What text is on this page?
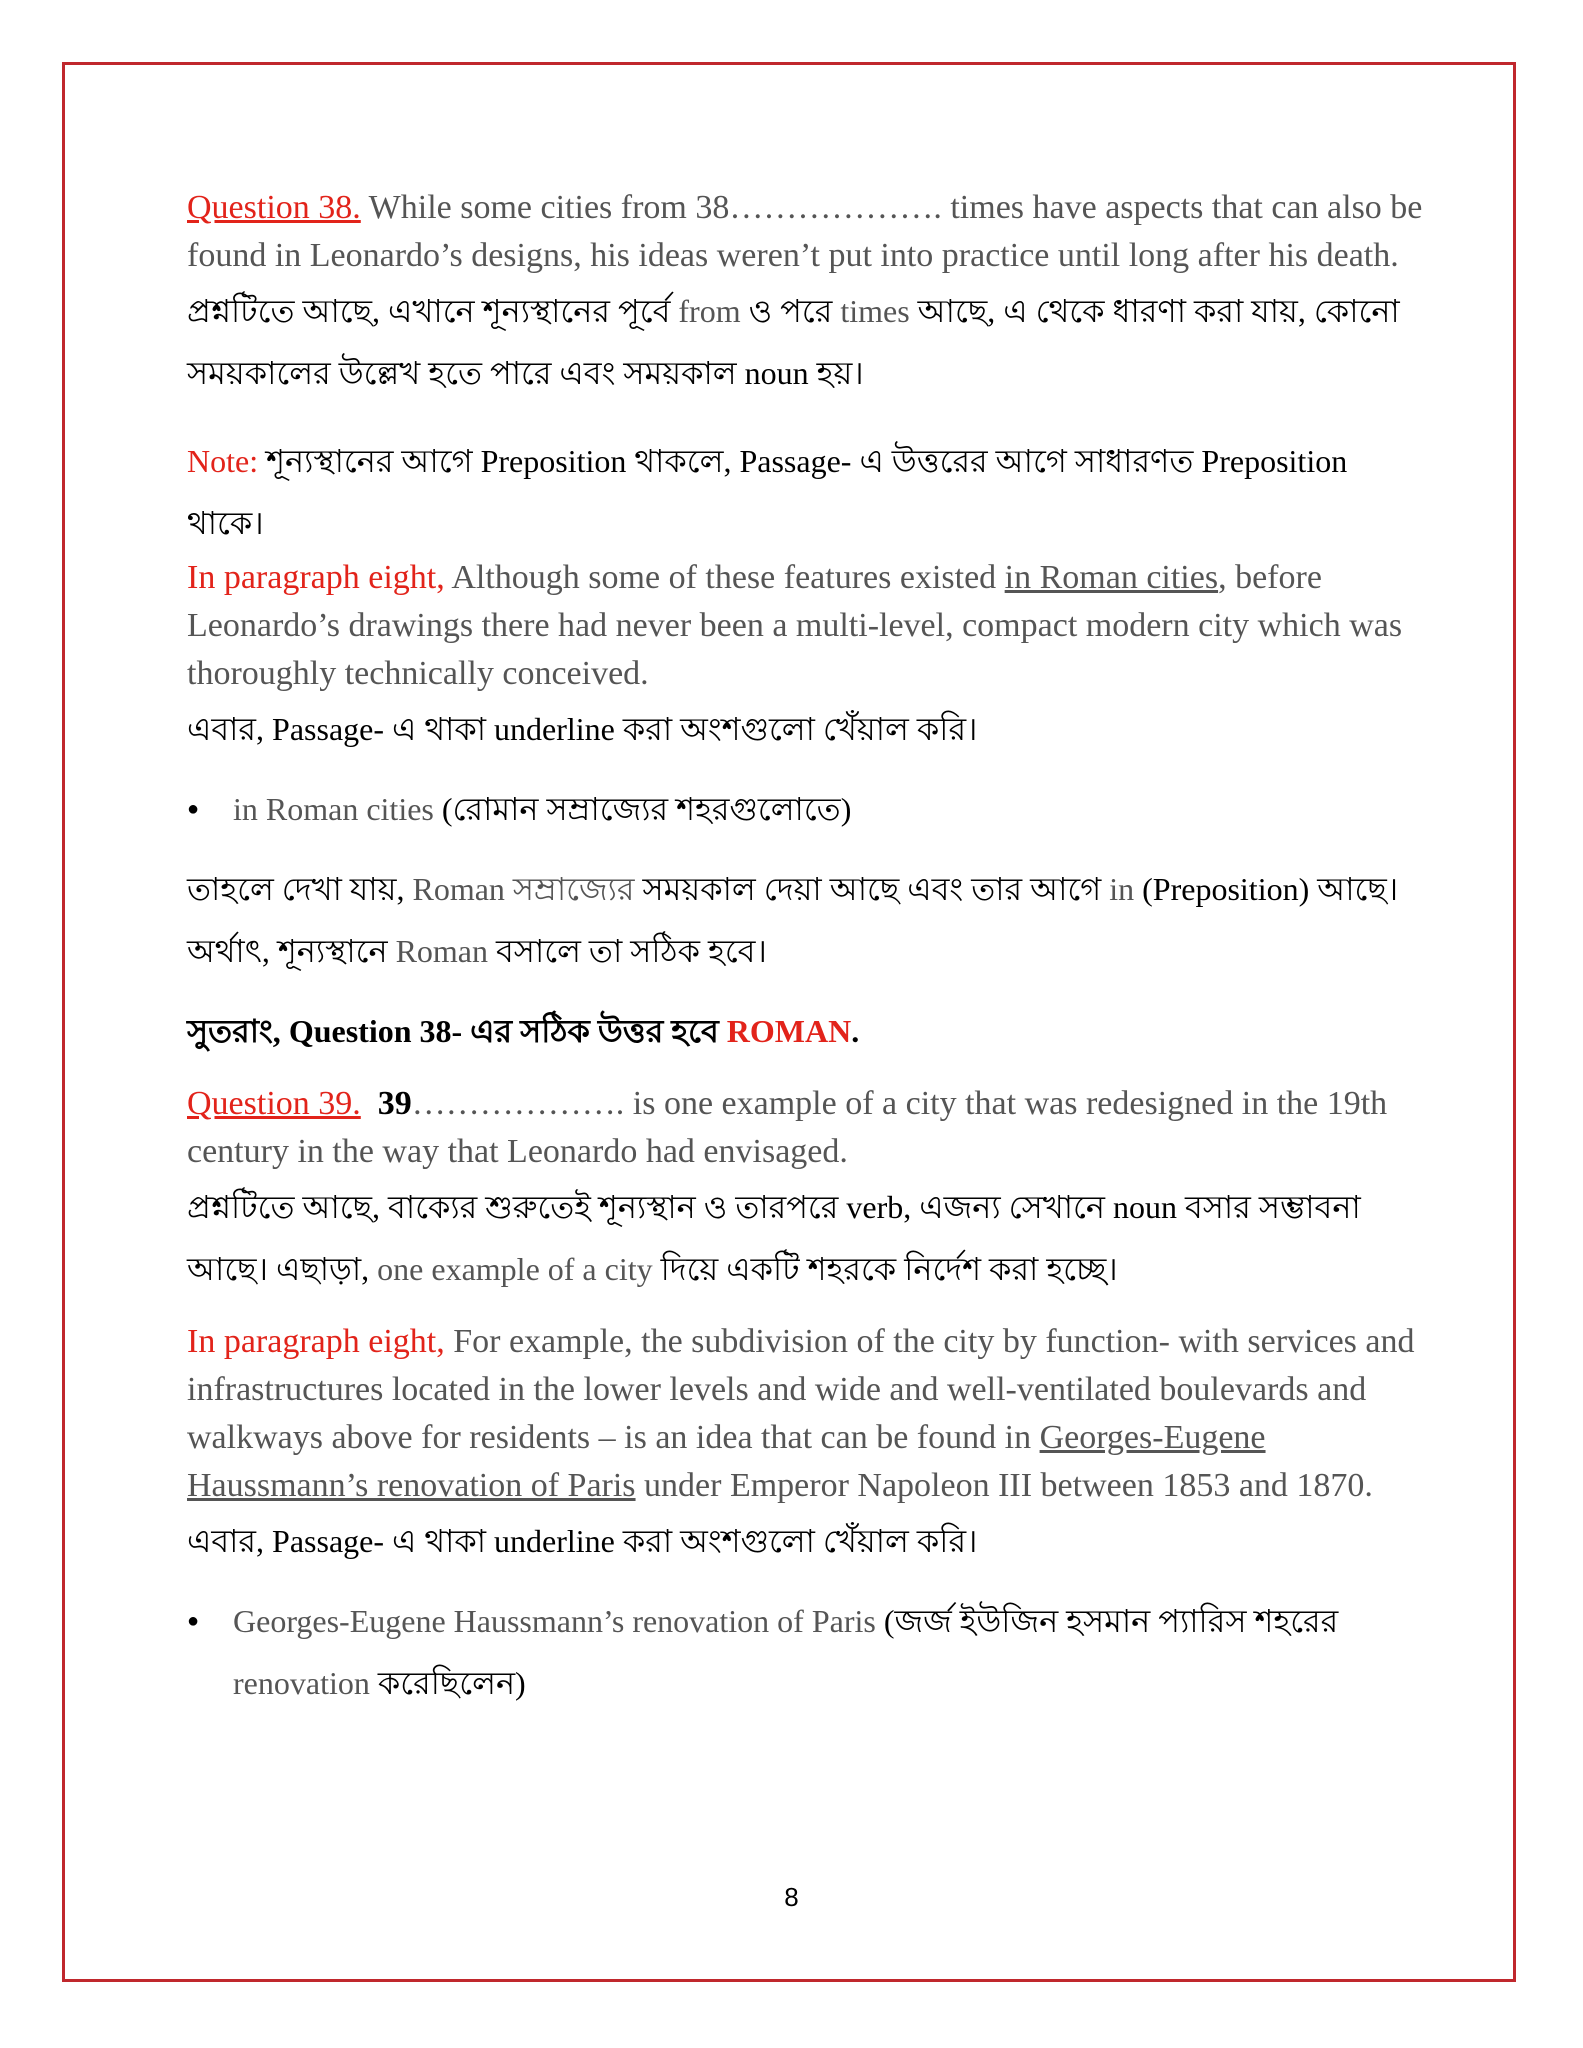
Question 38. While some cities from 38………………. times have aspects that can also be found in Leonardo’s designs, his ideas weren’t put into practice until long after his death.

প্রশ্নটিতে আছে, এখানে শূন্যস্থানের পূর্বে from ও পরে times আছে, এ থেকে ধারণা করা যায়, কোনো সময়কালের উল্লেখ হতে পারে এবং সময়কাল noun হয়।

Note: শূন্যস্থানের আগে Preposition থাকলে, Passage- এ উত্তরের আগে সাধারণত Preposition থাকে।

In paragraph eight, Although some of these features existed in Roman cities, before Leonardo’s drawings there had never been a multi-level, compact modern city which was thoroughly technically conceived.

এবার, Passage- এ থাকা underline করা অংশগুলো খেঁয়াল করি।

● in Roman cities (রোমান সম্রাজ্যের শহরগুলোতে)

তাহলে দেখা যায়, Roman সম্রাজ্যের সময়কাল দেয়া আছে এবং তার আগে in (Preposition) আছে। অর্থাৎ, শূন্যস্থানে Roman বসালে তা সঠিক হবে।

সুতরাং, Question 38- এর সঠিক উত্তর হবে ROMAN.

Question 39. 39………………. is one example of a city that was redesigned in the 19th century in the way that Leonardo had envisaged.

প্রশ্নটিতে আছে, বাক্যের শুরুতেই শূন্যস্থান ও তারপরে verb, এজন্য সেখানে noun বসার সম্ভাবনা আছে। এছাড়া, one example of a city দিয়ে একটি শহরকে নির্দেশ করা হচ্ছে।

In paragraph eight, For example, the subdivision of the city by function- with services and infrastructures located in the lower levels and wide and well-ventilated boulevards and walkways above for residents – is an idea that can be found in Georges-Eugene Haussmann’s renovation of Paris under Emperor Napoleon III between 1853 and 1870.

এবার, Passage- এ থাকা underline করা অংশগুলো খেঁয়াল করি।

● Georges-Eugene Haussmann’s renovation of Paris (জর্জ ইউজিন হসমান প্যারিস শহরের renovation করেছিলেন)
8
